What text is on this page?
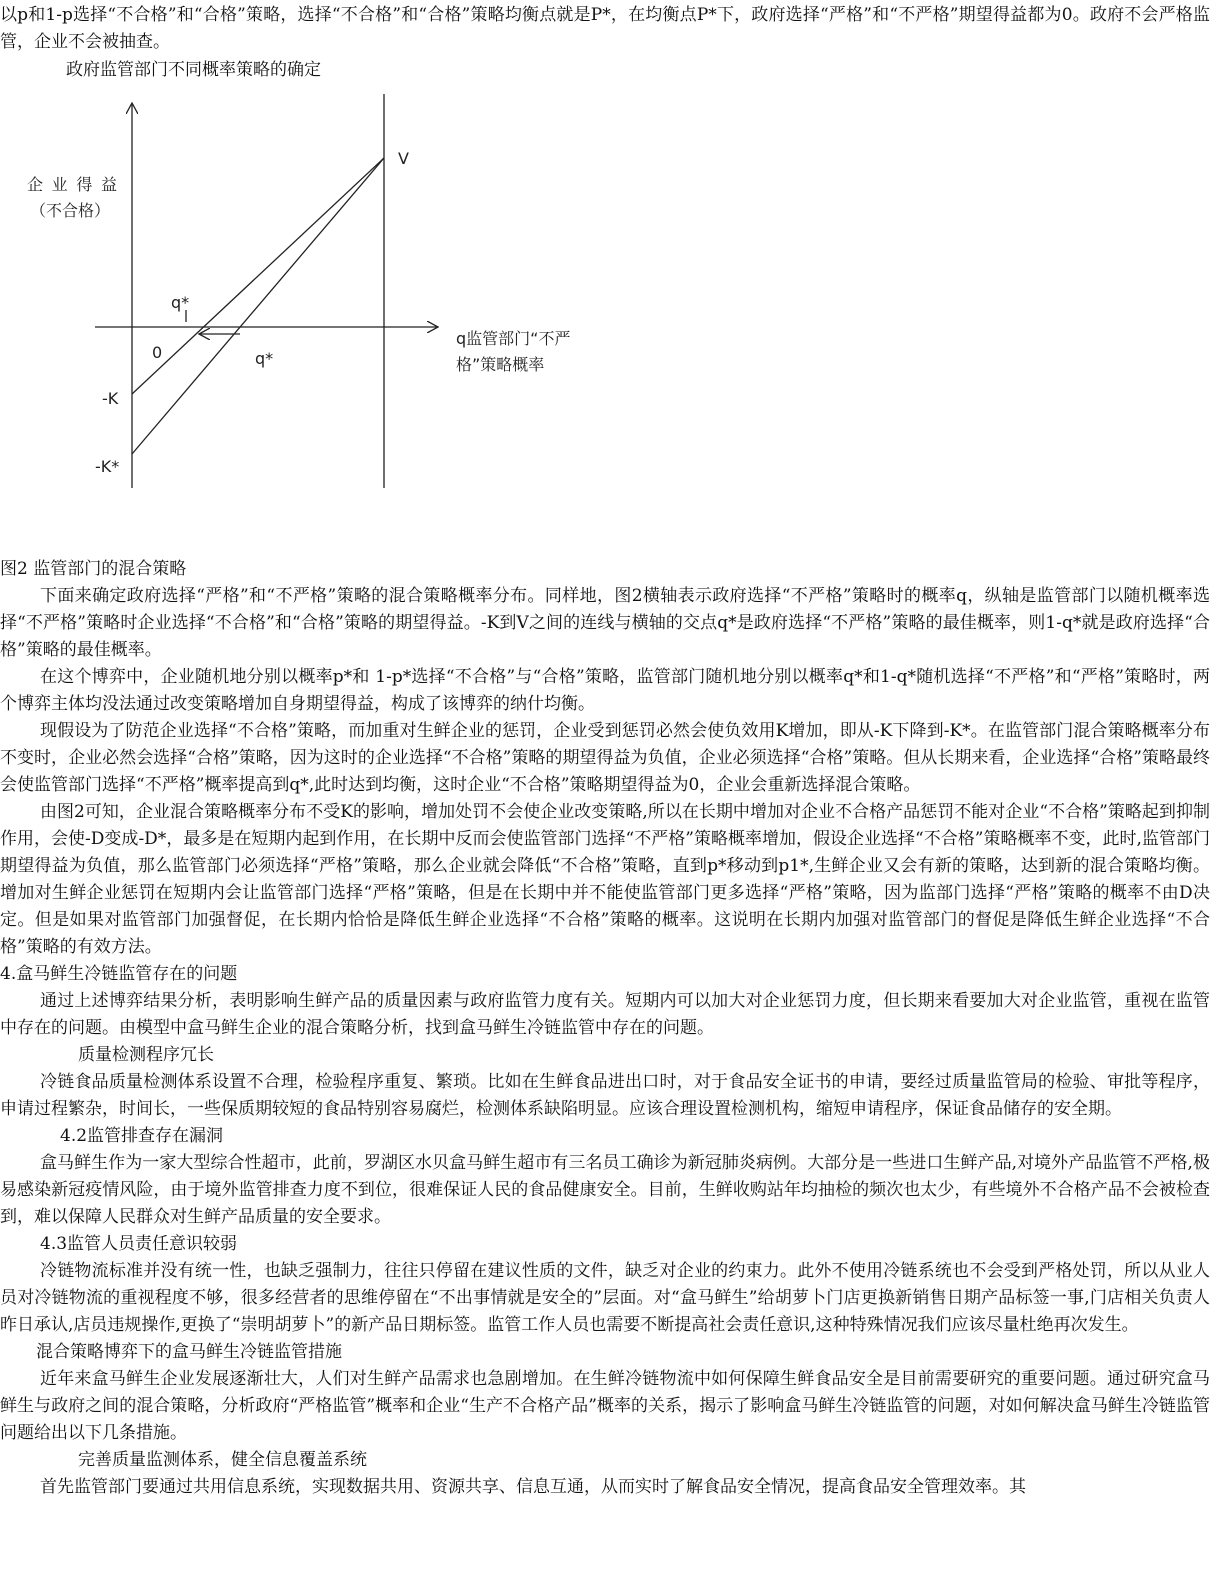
以p和1-p选择“不合格”和“合格”策略，选择“不合格”和“合格”策略均衡点就是P*，在均衡点P*下，政府选择“严格”和“不严格”期望得益都为0。政府不会严格监管，企业不会被抽查。

政府监管部门不同概率策略的确定

企业得益
（不合格）
V
q*
0	q*
q监管部门“不严
格”策略概率
-K
-K*

图2 监管部门的混合策略

下面来确定政府选择“严格”和“不严格”策略的混合策略概率分布。同样地，图2横轴表示政府选择“不严格”策略时的概率q，纵轴是监管部门以随机概率选择“不严格”策略时企业选择“不合格”和“合格”策略的期望得益。-K到V之间的连线与横轴的交点q*是政府选择“不严格”策略的最佳概率，则1-q*就是政府选择“合格”策略的最佳概率。

在这个博弈中，企业随机地分别以概率p*和 1-p*选择“不合格”与“合格”策略，监管部门随机地分别以概率q*和1-q*随机选择“不严格”和“严格”策略时，两个博弈主体均没法通过改变策略增加自身期望得益，构成了该博弈的纳什均衡。

现假设为了防范企业选择“不合格”策略，而加重对生鲜企业的惩罚，企业受到惩罚必然会使负效用K增加，即从-K下降到-K*。在监管部门混合策略概率分布不变时，企业必然会选择“合格”策略，因为这时的企业选择“不合格”策略的期望得益为负值，企业必须选择“合格”策略。但从长期来看，企业选择“合格”策略最终会使监管部门选择“不严格”概率提高到q*,此时达到均衡，这时企业“不合格”策略期望得益为0，企业会重新选择混合策略。

由图2可知，企业混合策略概率分布不受K的影响，增加处罚不会使企业改变策略,所以在长期中增加对企业不合格产品惩罚不能对企业“不合格”策略起到抑制作用，会使-D变成-D*，最多是在短期内起到作用，在长期中反而会使监管部门选择“不严格”策略概率增加，假设企业选择“不合格”策略概率不变，此时,监管部门期望得益为负值，那么监管部门必须选择“严格”策略，那么企业就会降低“不合格”策略，直到p*移动到p1*,生鲜企业又会有新的策略，达到新的混合策略均衡。增加对生鲜企业惩罚在短期内会让监管部门选择“严格”策略，但是在长期中并不能使监管部门更多选择“严格”策略，因为监部门选择“严格”策略的概率不由D决定。但是如果对监管部门加强督促，在长期内恰恰是降低生鲜企业选择“不合格”策略的概率。这说明在长期内加强对监管部门的督促是降低生鲜企业选择“不合格”策略的有效方法。

4.盒马鲜生冷链监管存在的问题

通过上述博弈结果分析，表明影响生鲜产品的质量因素与政府监管力度有关。短期内可以加大对企业惩罚力度，但长期来看要加大对企业监管，重视在监管中存在的问题。由模型中盒马鲜生企业的混合策略分析，找到盒马鲜生冷链监管中存在的问题。

质量检测程序冗长

冷链食品质量检测体系设置不合理，检验程序重复、繁琐。比如在生鲜食品进出口时，对于食品安全证书的申请，要经过质量监管局的检验、审批等程序，申请过程繁杂，时间长，一些保质期较短的食品特别容易腐烂，检测体系缺陷明显。应该合理设置检测机构，缩短申请程序，保证食品储存的安全期。

4.2监管排查存在漏洞

盒马鲜生作为一家大型综合性超市，此前，罗湖区水贝盒马鲜生超市有三名员工确诊为新冠肺炎病例。大部分是一些进口生鲜产品,对境外产品监管不严格,极易感染新冠疫情风险，由于境外监管排查力度不到位，很难保证人民的食品健康安全。目前，生鲜收购站年均抽检的频次也太少，有些境外不合格产品不会被检查到，难以保障人民群众对生鲜产品质量的安全要求。

4.3监管人员责任意识较弱

冷链物流标准并没有统一性，也缺乏强制力，往往只停留在建议性质的文件，缺乏对企业的约束力。此外不使用冷链系统也不会受到严格处罚，所以从业人员对冷链物流的重视程度不够，很多经营者的思维停留在“不出事情就是安全的”层面。对“盒马鲜生”给胡萝卜门店更换新销售日期产品标签一事,门店相关负责人昨日承认,店员违规操作,更换了“崇明胡萝卜”的新产品日期标签。监管工作人员也需要不断提高社会责任意识,这种特殊情况我们应该尽量杜绝再次发生。

混合策略博弈下的盒马鲜生冷链监管措施

近年来盒马鲜生企业发展逐渐壮大，人们对生鲜产品需求也急剧增加。在生鲜冷链物流中如何保障生鲜食品安全是目前需要研究的重要问题。通过研究盒马鲜生与政府之间的混合策略，分析政府“严格监管”概率和企业“生产不合格产品”概率的关系，揭示了影响盒马鲜生冷链监管的问题，对如何解决盒马鲜生冷链监管问题给出以下几条措施。

完善质量监测体系，健全信息覆盖系统

首先监管部门要通过共用信息系统，实现数据共用、资源共享、信息互通，从而实时了解食品安全情况，提高食品安全管理效率。其
